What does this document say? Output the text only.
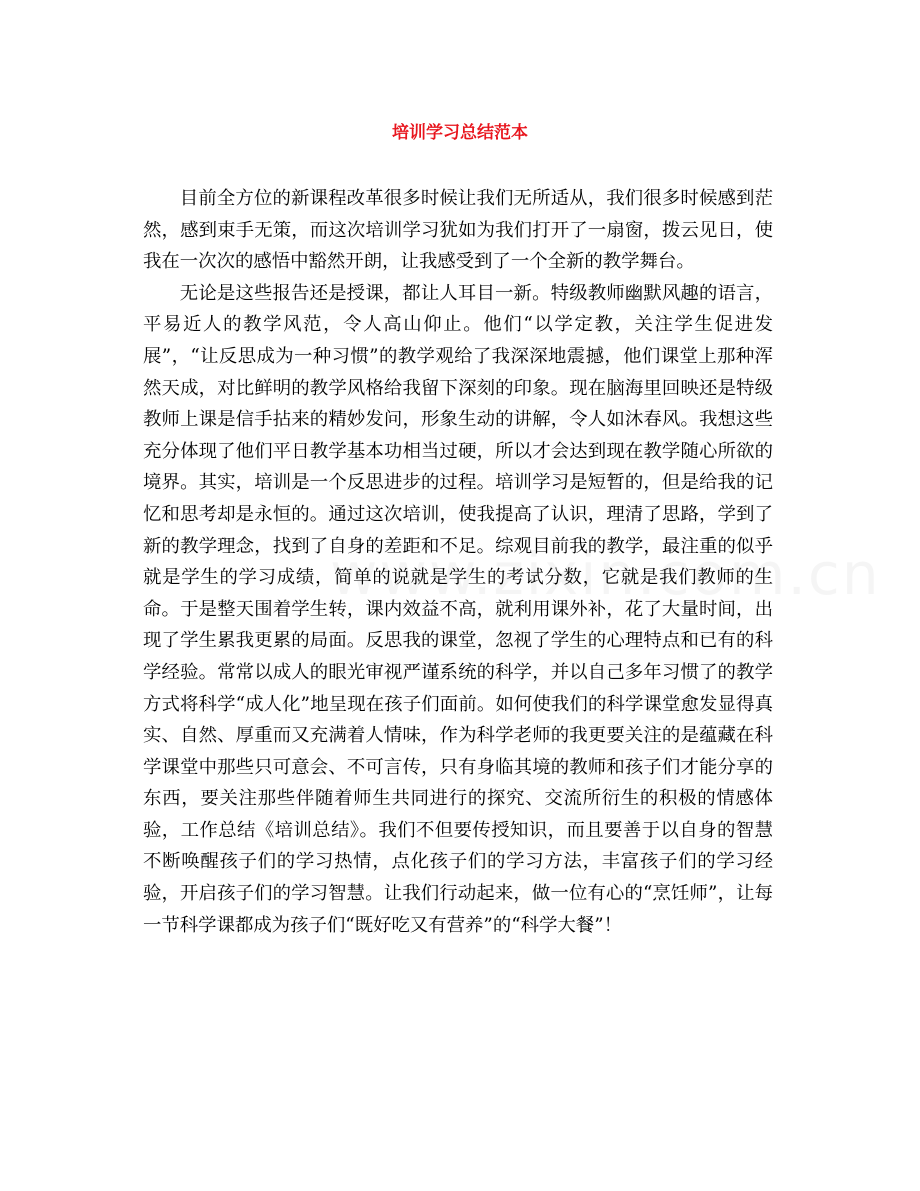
培训学习总结范本

目前全方位的新课程改革很多时候让我们无所适从，我们很多时候感到茫然，感到束手无策，而这次培训学习犹如为我们打开了一扇窗，拨云见日，使我在一次次的感悟中豁然开朗，让我感受到了一个全新的教学舞台。

无论是这些报告还是授课，都让人耳目一新。特级教师幽默风趣的语言，平易近人的教学风范，令人高山仰止。他们“以学定教，关注学生促进发展”，“让反思成为一种习惯”的教学观给了我深深地震撼，他们课堂上那种浑然天成，对比鲜明的教学风格给我留下深刻的印象。现在脑海里回映还是特级教师上课是信手拈来的精妙发问，形象生动的讲解，令人如沐春风。我想这些充分体现了他们平日教学基本功相当过硬，所以才会达到现在教学随心所欲的境界。其实，培训是一个反思进步的过程。培训学习是短暂的，但是给我的记忆和思考却是永恒的。通过这次培训，使我提高了认识，理清了思路，学到了新的教学理念，找到了自身的差距和不足。综观目前我的教学，最注重的似乎就是学生的学习成绩，简单的说就是学生的考试分数，它就是我们教师的生命。于是整天围着学生转，课内效益不高，就利用课外补，花了大量时间，出现了学生累我更累的局面。反思我的课堂，忽视了学生的心理特点和已有的科学经验。常常以成人的眼光审视严谨系统的科学，并以自己多年习惯了的教学方式将科学“成人化”地呈现在孩子们面前。如何使我们的科学课堂愈发显得真实、自然、厚重而又充满着人情味，作为科学老师的我更要关注的是蕴藏在科学课堂中那些只可意会、不可言传，只有身临其境的教师和孩子们才能分享的东西，要关注那些伴随着师生共同进行的探究、交流所衍生的积极的情感体验，工作总结《培训总结》。我们不但要传授知识，而且要善于以自身的智慧不断唤醒孩子们的学习热情，点化孩子们的学习方法，丰富孩子们的学习经验，开启孩子们的学习智慧。让我们行动起来，做一位有心的“烹饪师”，让每一节科学课都成为孩子们“既好吃又有营养”的“科学大餐”！
